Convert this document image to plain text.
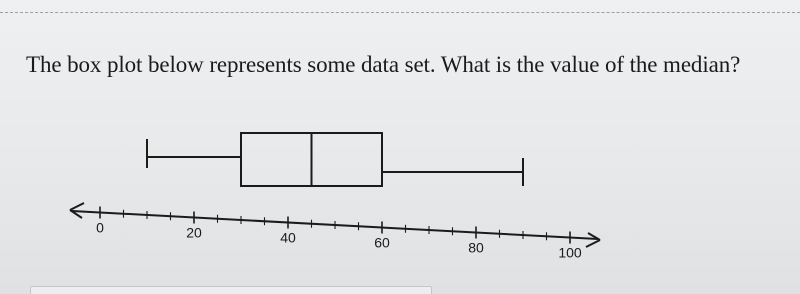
The box plot below represents some data set. What is the value of the median?
0	20	40	60	80	100
